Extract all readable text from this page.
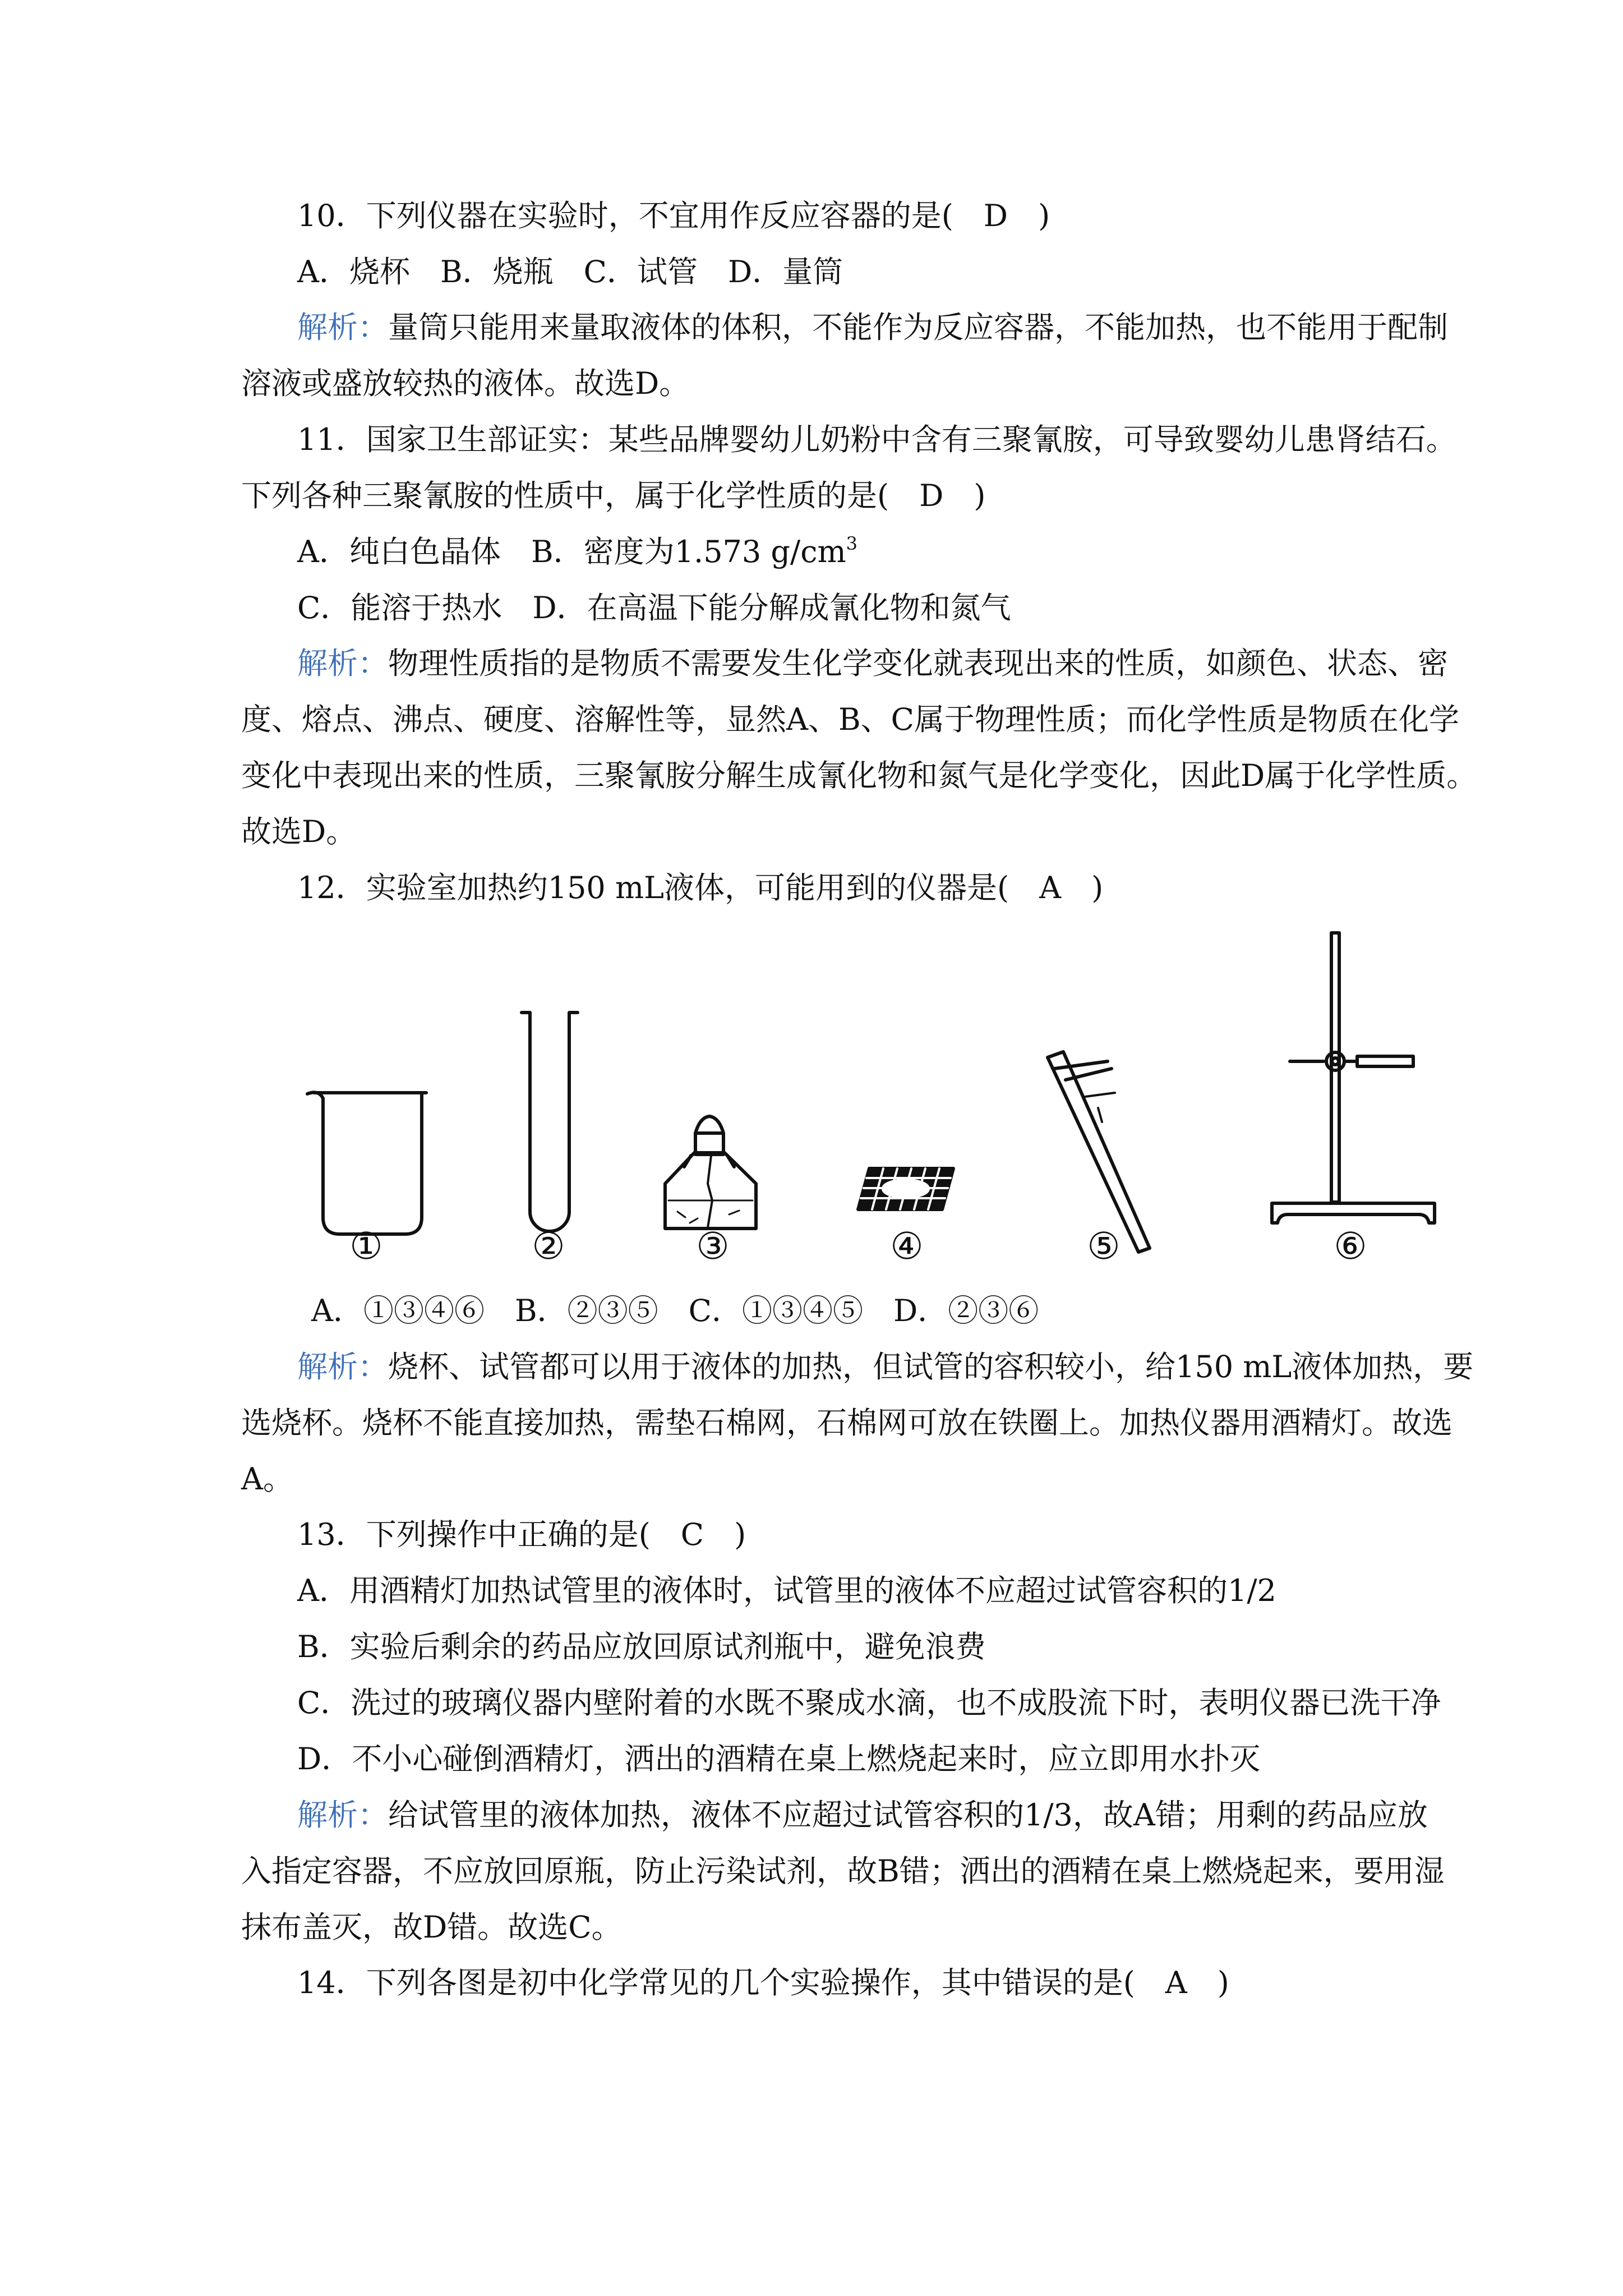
10．下列仪器在实验时，不宜用作反应容器的是(　D　)
A．烧杯　B．烧瓶　C．试管　D．量筒
解析：量筒只能用来量取液体的体积，不能作为反应容器，不能加热，也不能用于配制
溶液或盛放较热的液体。故选D。
11．国家卫生部证实：某些品牌婴幼儿奶粉中含有三聚氰胺，可导致婴幼儿患肾结石。
下列各种三聚氰胺的性质中，属于化学性质的是(　D　)
A．纯白色晶体　B．密度为1.573 $g/cm^3$
C．能溶于热水　D．在高温下能分解成氰化物和氮气
解析：物理性质指的是物质不需要发生化学变化就表现出来的性质，如颜色、状态、密
度、熔点、沸点、硬度、溶解性等，显然A、B、C属于物理性质；而化学性质是物质在化学
变化中表现出来的性质，三聚氰胺分解生成氰化物和氮气是化学变化，因此D属于化学性质。
故选D。
12．实验室加热约150 mL液体，可能用到的仪器是(　A　)
①	②	③	④	⑤	⑥
A．①③④⑥　B．②③⑤　C．①③④⑤　D．②③⑥
解析：烧杯、试管都可以用于液体的加热，但试管的容积较小，给150 mL液体加热，要
选烧杯。烧杯不能直接加热，需垫石棉网，石棉网可放在铁圈上。加热仪器用酒精灯。故选
A。
13．下列操作中正确的是(　C　)
A．用酒精灯加热试管里的液体时，试管里的液体不应超过试管容积的1/2
B．实验后剩余的药品应放回原试剂瓶中，避免浪费
C．洗过的玻璃仪器内壁附着的水既不聚成水滴，也不成股流下时，表明仪器已洗干净
D．不小心碰倒酒精灯，洒出的酒精在桌上燃烧起来时，应立即用水扑灭
解析：给试管里的液体加热，液体不应超过试管容积的1/3，故A错；用剩的药品应放
入指定容器，不应放回原瓶，防止污染试剂，故B错；洒出的酒精在桌上燃烧起来，要用湿
抹布盖灭，故D错。故选C。
14．下列各图是初中化学常见的几个实验操作，其中错误的是(　A　)
